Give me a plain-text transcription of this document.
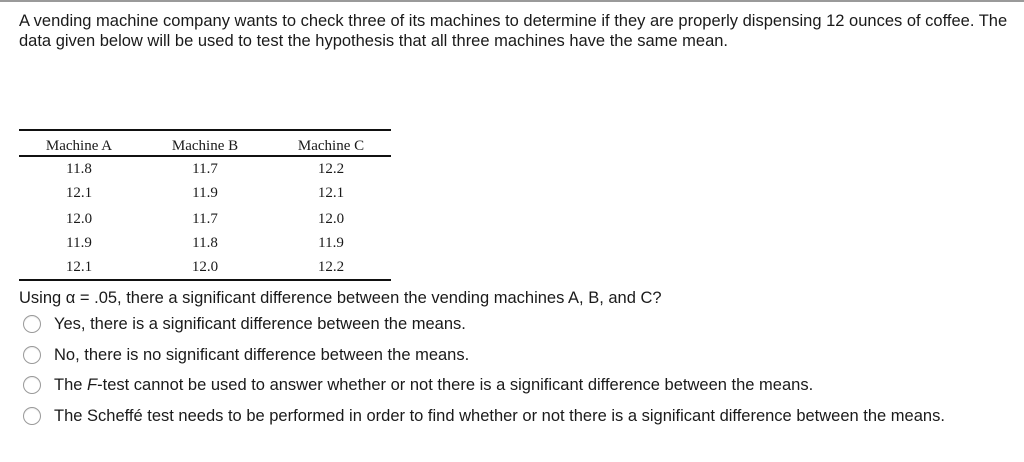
A vending machine company wants to check three of its machines to determine if they are properly dispensing 12 ounces of coffee. The data given below will be used to test the hypothesis that all three machines have the same mean.
Machine A	Machine B	Machine C
11.8	11.7	12.2
12.1	11.9	12.1
12.0	11.7	12.0
11.9	11.8	11.9
12.1	12.0	12.2
Using α = .05, there a significant difference between the vending machines A, B, and C?
Yes, there is a significant difference between the means.
No, there is no significant difference between the means.
The F-test cannot be used to answer whether or not there is a significant difference between the means.
The Scheffé test needs to be performed in order to find whether or not there is a significant difference between the means.
